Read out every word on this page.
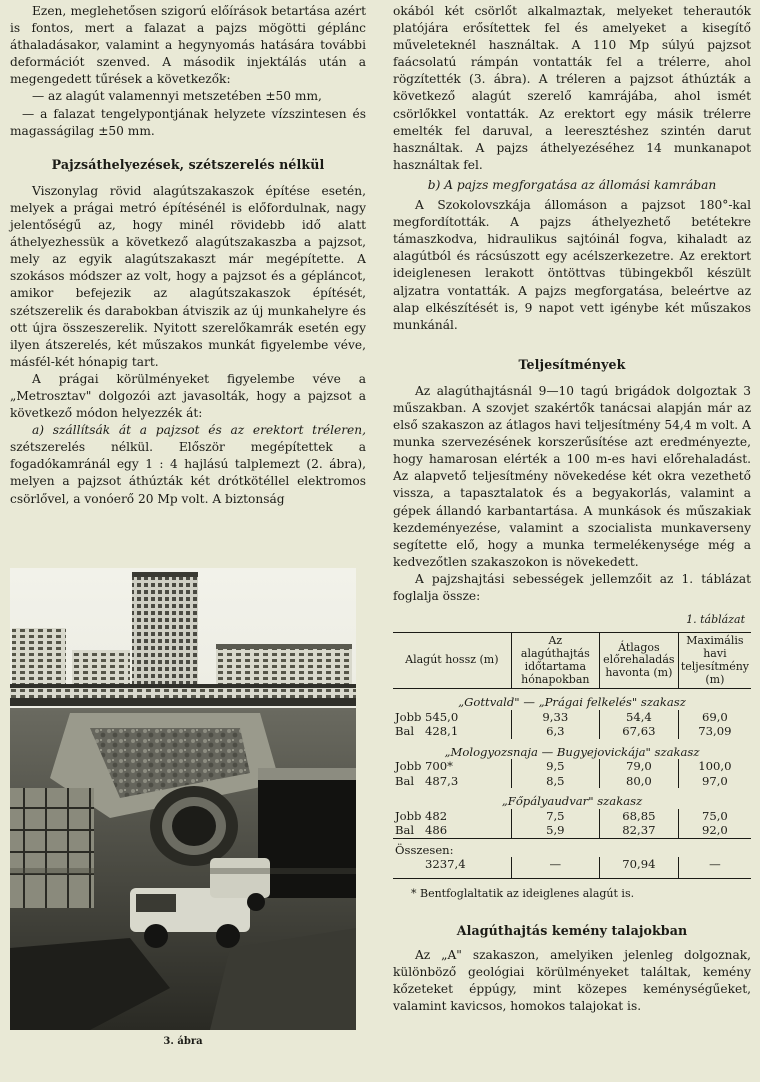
Ezen, meglehetősen szigorú előírások betartása azért is fontos, mert a falazat a pajzs mögötti géplánc áthaladásakor, valamint a hegynyomás hatására további deformációt szenved. A második injektálás után a megengedett tűrések a következők:

— az alagút valamennyi metszetében ±50 mm,

— a falazat tengelypontjának helyzete vízszintesen és magasságilag ±50 mm.

Pajzsáthelyezések, szétszerelés nélkül

Viszonylag rövid alagútszakaszok építése esetén, melyek a prágai metró építésénél is előfordulnak, nagy jelentőségű az, hogy minél rövidebb idő alatt áthelyezhessük a következő alagútszakaszba a pajzsot, mely az egyik alagútszakaszt már megépítette. A szokásos módszer az volt, hogy a pajzsot és a gépláncot, amikor befejezik az alagútszakaszok építését, szétszerelik és darabokban átviszik az új munkahelyre és ott újra összeszerelik. Nyitott szerelőkamrák esetén egy ilyen átszerelés, két műszakos munkát figyelembe véve, másfél-két hónapig tart.

A prágai körülményeket figyelembe véve a „Metrosztav" dolgozói azt javasolták, hogy a pajzsot a következő módon helyezzék át:

a) szállítsák át a pajzsot és az erektort tréleren, szétszerelés nélkül. Először megépítettek a fogadókamránál egy 1 : 4 hajlású talplemezt (2. ábra), melyen a pajzsot áthúzták két drótkötéllel elektromos csörlővel, a vonóerő 20 Mp volt. A biztonság

3. ábra

okából két csörlőt alkalmaztak, melyeket teherautók platójára erősítettek fel és amelyeket a kisegítő műveleteknél használtak. A 110 Mp súlyú pajzsot faácsolatú rámpán vontatták fel a trélerre, ahol rögzítették (3. ábra). A tréleren a pajzsot áthúzták a következő alagút szerelő kamrájába, ahol ismét csörlőkkel vontatták. Az erektort egy másik trélerre emelték fel daruval, a leeresztéshez szintén darut használtak. A pajzs áthelyezéséhez 14 munkanapot használtak fel.

b) A pajzs megforgatása az állomási kamrában

A Szokolovszkája állomáson a pajzsot 180°-kal megfordították. A pajzs áthelyezhető betétekre támaszkodva, hidraulikus sajtóinál fogva, kihaladt az alagútból és rácsúszott egy acélszerkezetre. Az erektort ideiglenesen lerakott öntöttvas tübingekből készült aljzatra vontatták. A pajzs megforgatása, beleértve az alap elkészítését is, 9 napot vett igénybe két műszakos munkánál.

Teljesítmények

Az alagúthajtásnál 9—10 tagú brigádok dolgoztak 3 műszakban. A szovjet szakértők tanácsai alapján már az első szakaszon az átlagos havi teljesítmény 54,4 m volt. A munka szervezésének korszerűsítése azt eredményezte, hogy hamarosan elérték a 100 m-es havi előrehaladást. Az alapvető teljesítmény növekedése két okra vezethető vissza, a tapasztalatok és a begyakorlás, valamint a gépek állandó karbantartása. A munkások és műszakiak kezdeményezése, valamint a szocialista munkaverseny segítette elő, hogy a munka termelékenysége még a kedvezőtlen szakaszokon is növekedett.

A pajzshajtási sebességek jellemzőit az 1. táblázat foglalja össze:

1. táblázat
Alagút hossz (m)	Az alagúthajtás időtartama hónapokban	Átlagos előrehaladás havonta (m)	Maximális havi teljesítmény (m)
„Gottvald" — „Prágai felkelés" szakasz			
Jobb 545,0	9,33	54,4	69,0
Bal 428,1	6,3	67,63	73,09
„Mologyozsnaja — Bugyejovickája" szakasz			
Jobb 700*	9,5	79,0	100,0
Bal 487,3	8,5	80,0	97,0
„Főpályaudvar" szakasz			
Jobb 482	7,5	68,85	75,0
Bal 486	5,9	82,37	92,0
Összesen:			
3237,4	—	70,94	—
* Bentfoglaltatik az ideiglenes alagút is.
Alagúthajtás kemény talajokban

Az „A" szakaszon, amelyiken jelenleg dolgoznak, különböző geológiai körülményeket találtak, kemény kőzeteket éppúgy, mint közepes keménységűeket, valamint kavicsos, homokos talajokat is.
